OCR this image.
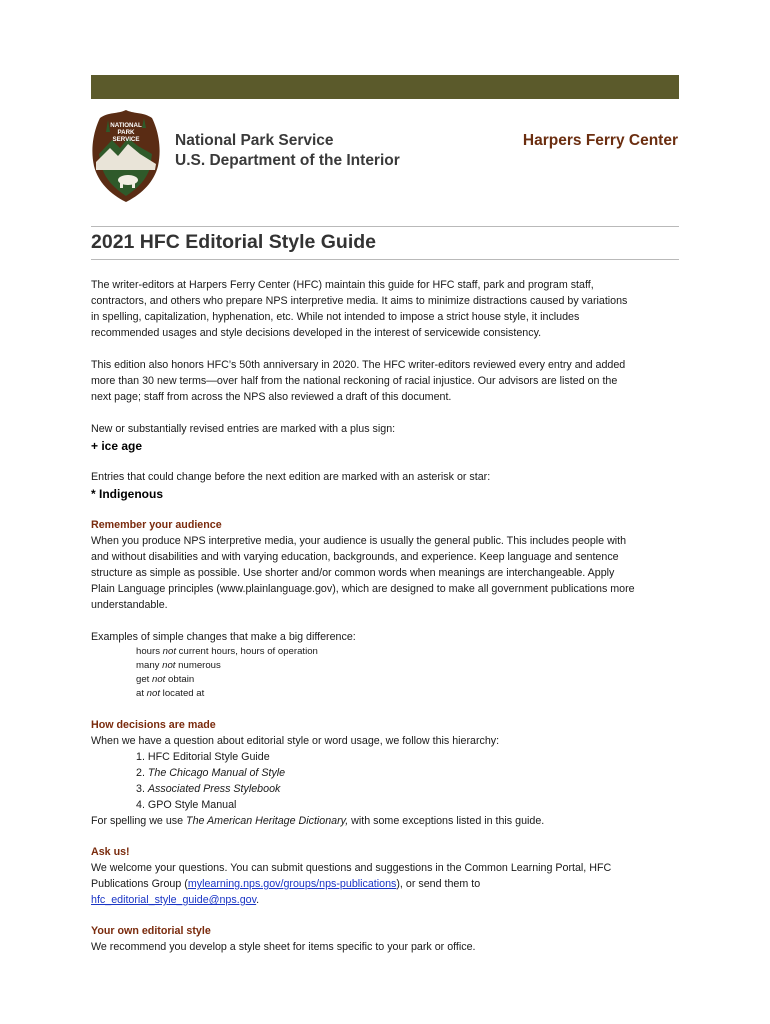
NATIONAL
PARK
SERVICE National Park Service
U.S. Department of the Interior
Harpers Ferry Center
2021 HFC Editorial Style Guide

The writer-editors at Harpers Ferry Center (HFC) maintain this guide for HFC staff, park and program staff,

contractors, and others who prepare NPS interpretive media. It aims to minimize distractions caused by variations

in spelling, capitalization, hyphenation, etc. While not intended to impose a strict house style, it includes

recommended usages and style decisions developed in the interest of servicewide consistency.

This edition also honors HFC’s 50th anniversary in 2020. The HFC writer-editors reviewed every entry and added

more than 30 new terms—over half from the national reckoning of racial injustice. Our advisors are listed on the

next page; staff from across the NPS also reviewed a draft of this document.

New or substantially revised entries are marked with a plus sign:

+ ice age

Entries that could change before the next edition are marked with an asterisk or star:

* Indigenous

Remember your audience

When you produce NPS interpretive media, your audience is usually the general public. This includes people with

and without disabilities and with varying education, backgrounds, and experience. Keep language and sentence

structure as simple as possible. Use shorter and/or common words when meanings are interchangeable. Apply

Plain Language principles (www.plainlanguage.gov), which are designed to make all government publications more

understandable.

Examples of simple changes that make a big difference:

hours not current hours, hours of operation

many not numerous

get not obtain

at not located at

How decisions are made

When we have a question about editorial style or word usage, we follow this hierarchy:

1. HFC Editorial Style Guide

2. The Chicago Manual of Style

3. Associated Press Stylebook

4. GPO Style Manual

For spelling we use The American Heritage Dictionary, with some exceptions listed in this guide.

Ask us!

We welcome your questions. You can submit questions and suggestions in the Common Learning Portal, HFC

Publications Group (mylearning.nps.gov/groups/nps-publications), or send them to

hfc_editorial_style_guide@nps.gov.

Your own editorial style

We recommend you develop a style sheet for items specific to your park or office.
